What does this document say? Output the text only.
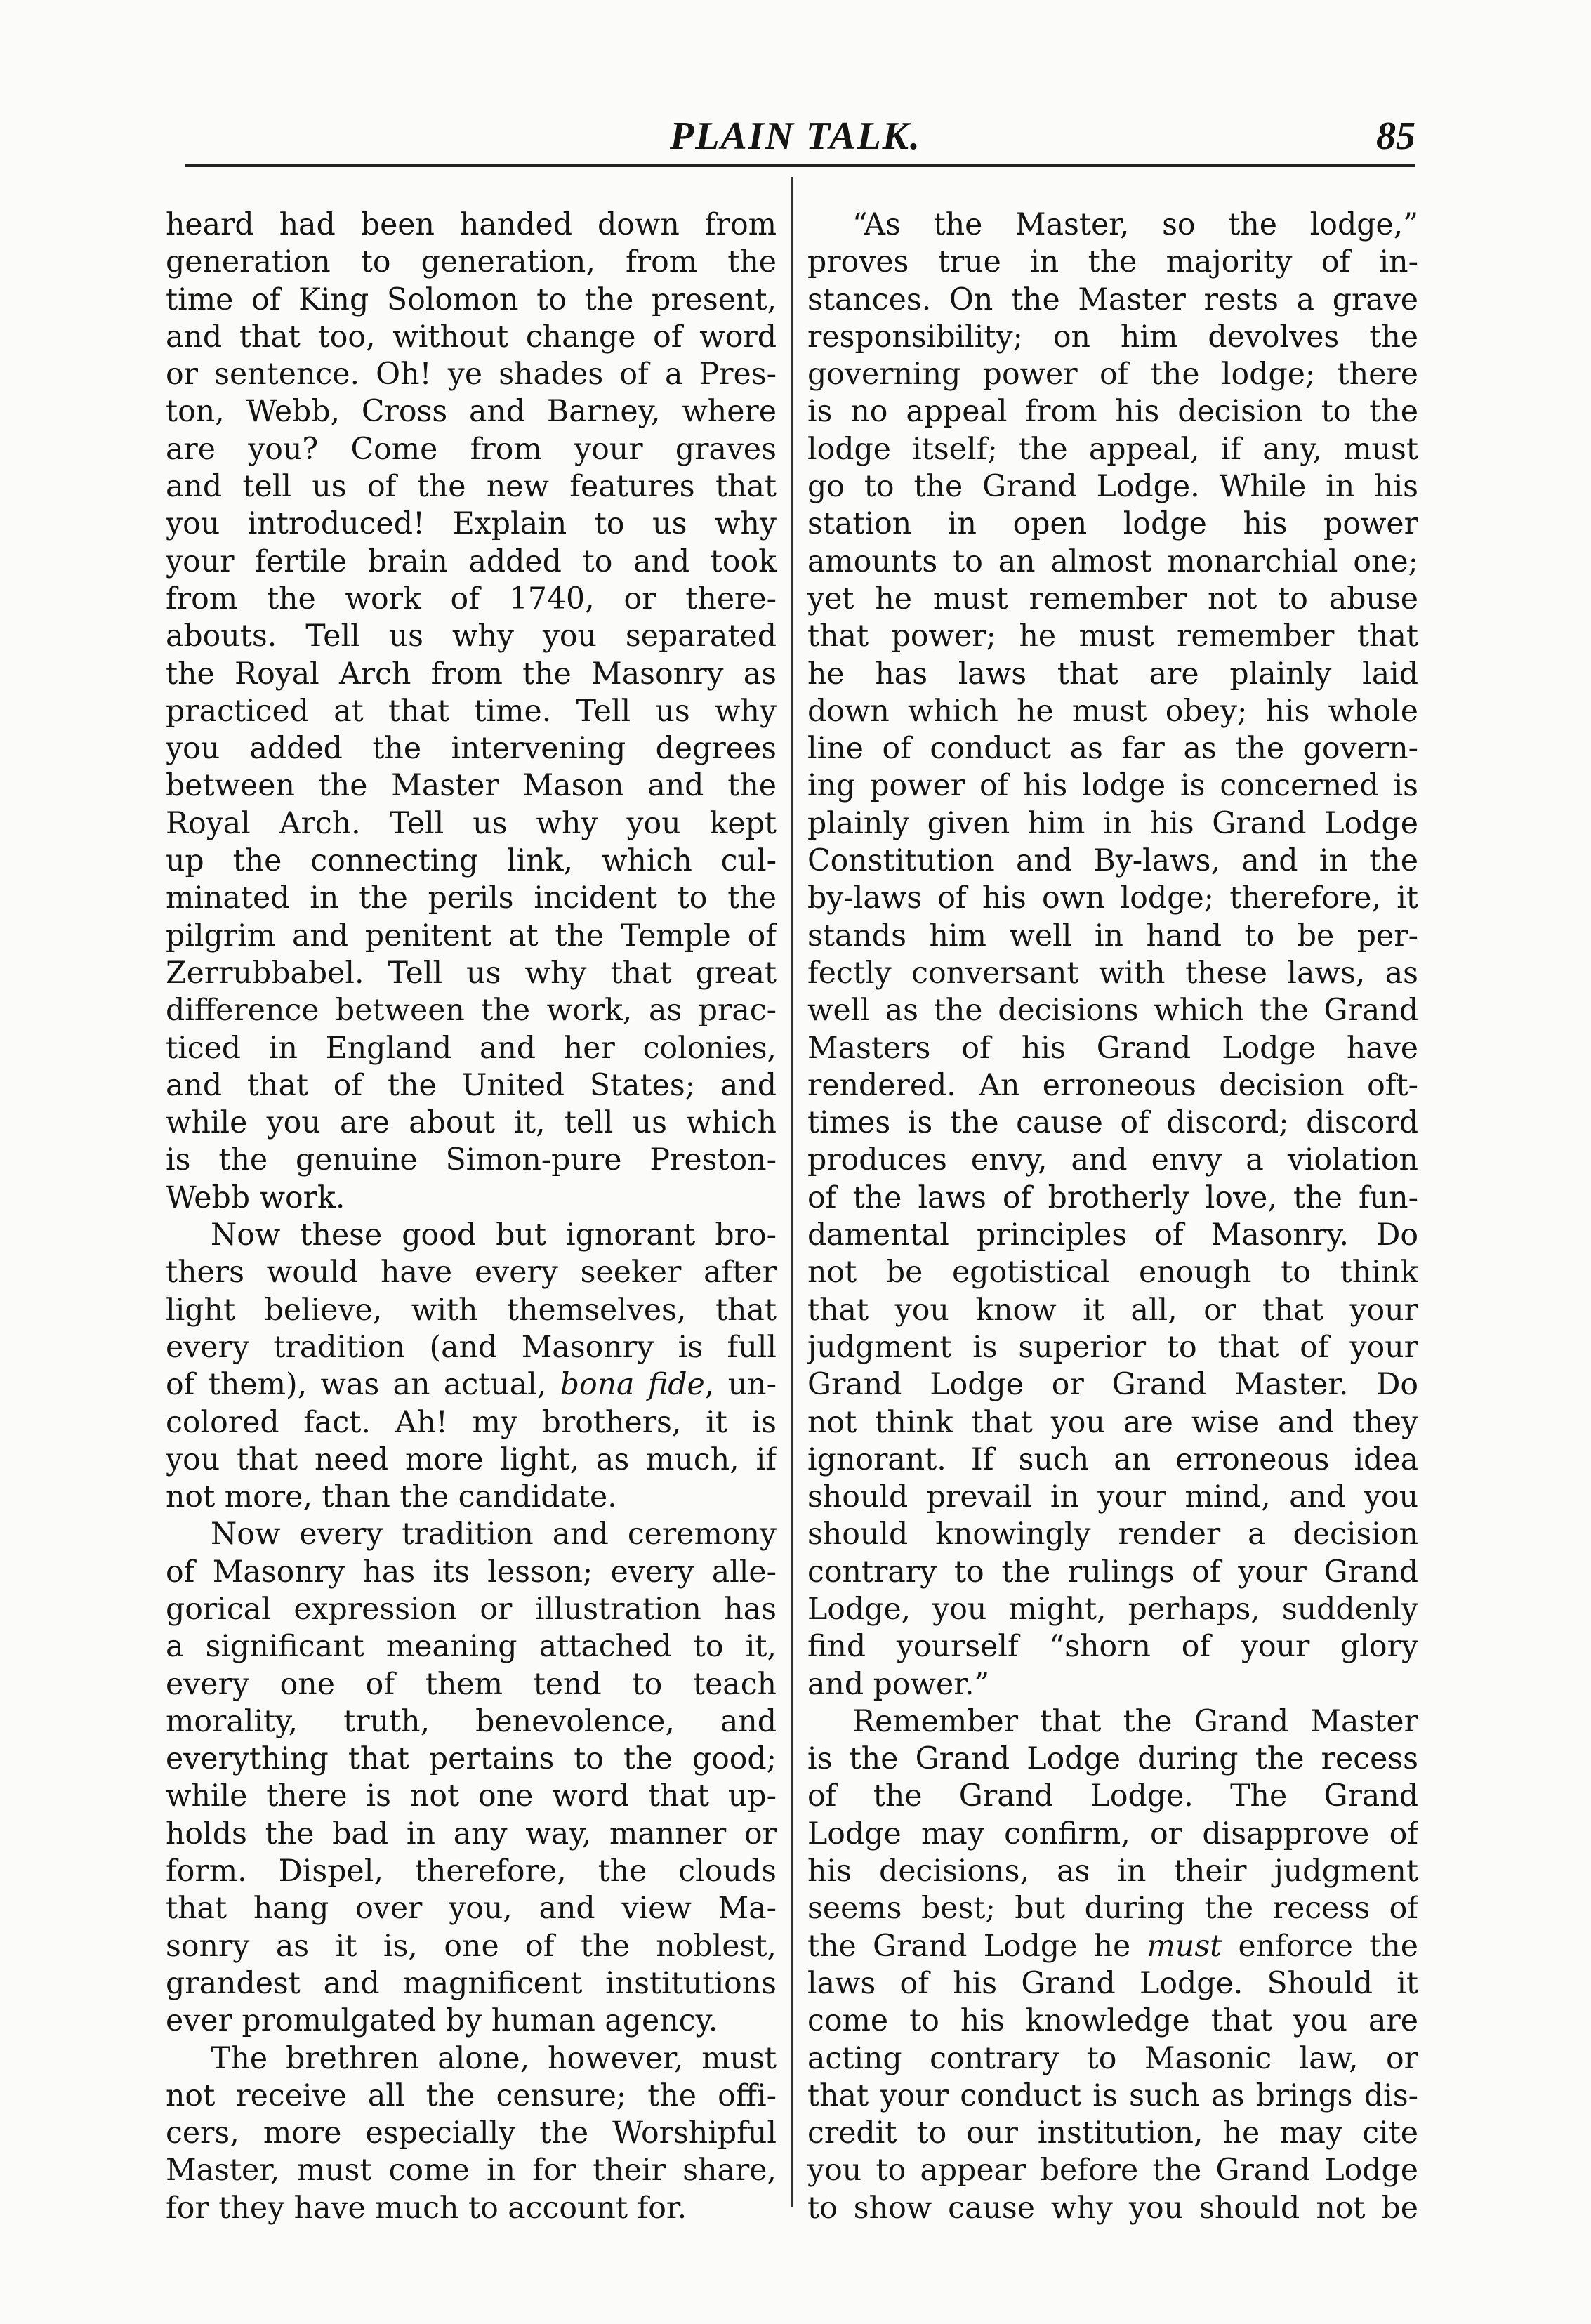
PLAIN TALK.	85
heard had been handed down from
generation to generation, from the
time of King Solomon to the present,
and that too, without change of word
or sentence. Oh! ye shades of a Pres-
ton, Webb, Cross and Barney, where
are you? Come from your graves
and tell us of the new features that
you introduced! Explain to us why
your fertile brain added to and took
from the work of 1740, or there-
abouts. Tell us why you separated
the Royal Arch from the Masonry as
practiced at that time. Tell us why
you added the intervening degrees
between the Master Mason and the
Royal Arch. Tell us why you kept
up the connecting link, which cul-
minated in the perils incident to the
pilgrim and penitent at the Temple of
Zerrubbabel. Tell us why that great
difference between the work, as prac-
ticed in England and her colonies,
and that of the United States; and
while you are about it, tell us which
is the genuine Simon-pure Preston-
Webb work.
Now these good but ignorant bro-
thers would have every seeker after
light believe, with themselves, that
every tradition (and Masonry is full
of them), was an actual, bona fide, un-
colored fact. Ah! my brothers, it is
you that need more light, as much, if
not more, than the candidate.
Now every tradition and ceremony
of Masonry has its lesson; every alle-
gorical expression or illustration has
a significant meaning attached to it,
every one of them tend to teach
morality, truth, benevolence, and
everything that pertains to the good;
while there is not one word that up-
holds the bad in any way, manner or
form. Dispel, therefore, the clouds
that hang over you, and view Ma-
sonry as it is, one of the noblest,
grandest and magnificent institutions
ever promulgated by human agency.
The brethren alone, however, must
not receive all the censure; the offi-
cers, more especially the Worshipful
Master, must come in for their share,
for they have much to account for.
“As the Master, so the lodge,”
proves true in the majority of in-
stances. On the Master rests a grave
responsibility; on him devolves the
governing power of the lodge; there
is no appeal from his decision to the
lodge itself; the appeal, if any, must
go to the Grand Lodge. While in his
station in open lodge his power
amounts to an almost monarchial one;
yet he must remember not to abuse
that power; he must remember that
he has laws that are plainly laid
down which he must obey; his whole
line of conduct as far as the govern-
ing power of his lodge is concerned is
plainly given him in his Grand Lodge
Constitution and By-laws, and in the
by-laws of his own lodge; therefore, it
stands him well in hand to be per-
fectly conversant with these laws, as
well as the decisions which the Grand
Masters of his Grand Lodge have
rendered. An erroneous decision oft-
times is the cause of discord; discord
produces envy, and envy a violation
of the laws of brotherly love, the fun-
damental principles of Masonry. Do
not be egotistical enough to think
that you know it all, or that your
judgment is superior to that of your
Grand Lodge or Grand Master. Do
not think that you are wise and they
ignorant. If such an erroneous idea
should prevail in your mind, and you
should knowingly render a decision
contrary to the rulings of your Grand
Lodge, you might, perhaps, suddenly
find yourself “shorn of your glory
and power.”
Remember that the Grand Master
is the Grand Lodge during the recess
of the Grand Lodge. The Grand
Lodge may confirm, or disapprove of
his decisions, as in their judgment
seems best; but during the recess of
the Grand Lodge he must enforce the
laws of his Grand Lodge. Should it
come to his knowledge that you are
acting contrary to Masonic law, or
that your conduct is such as brings dis-
credit to our institution, he may cite
you to appear before the Grand Lodge
to show cause why you should not be
